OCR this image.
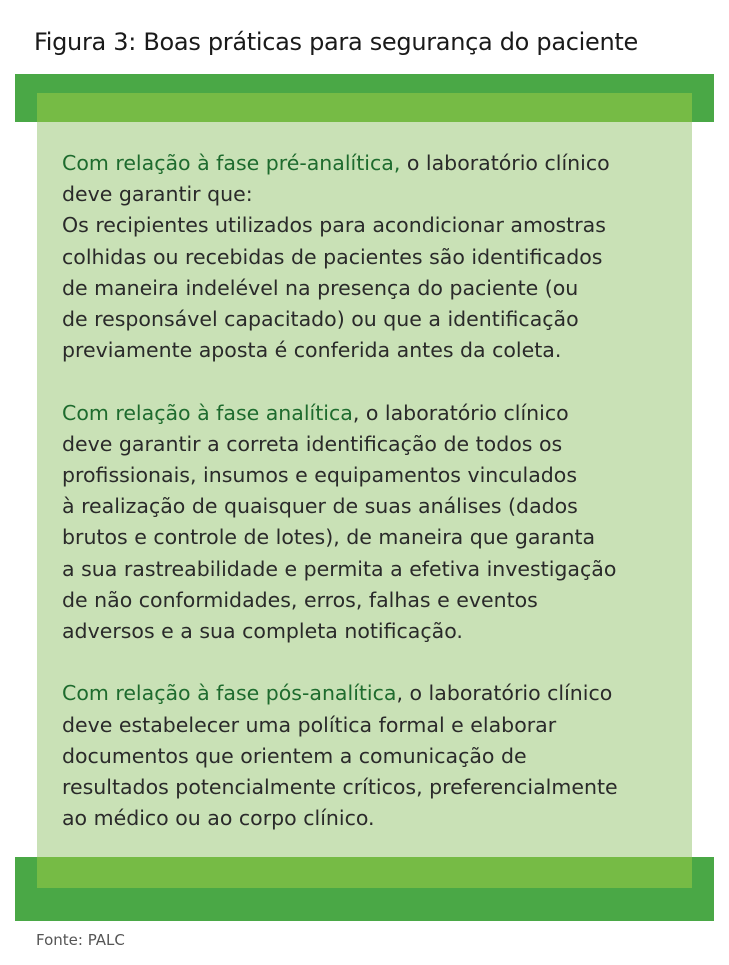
Figura 3: Boas práticas para segurança do paciente
Com relação à fase pré-analítica, o laboratório clínico
deve garantir que:
Os recipientes utilizados para acondicionar amostras
colhidas ou recebidas de pacientes são identificados
de maneira indelével na presença do paciente (ou
de responsável capacitado) ou que a identificação
previamente aposta é conferida antes da coleta.
Com relação à fase analítica, o laboratório clínico
deve garantir a correta identificação de todos os
profissionais, insumos e equipamentos vinculados
à realização de quaisquer de suas análises (dados
brutos e controle de lotes), de maneira que garanta
a sua rastreabilidade e permita a efetiva investigação
de não conformidades, erros, falhas e eventos
adversos e a sua completa notificação.
Com relação à fase pós-analítica, o laboratório clínico
deve estabelecer uma política formal e elaborar
documentos que orientem a comunicação de
resultados potencialmente críticos, preferencialmente
ao médico ou ao corpo clínico.
Fonte: PALC
